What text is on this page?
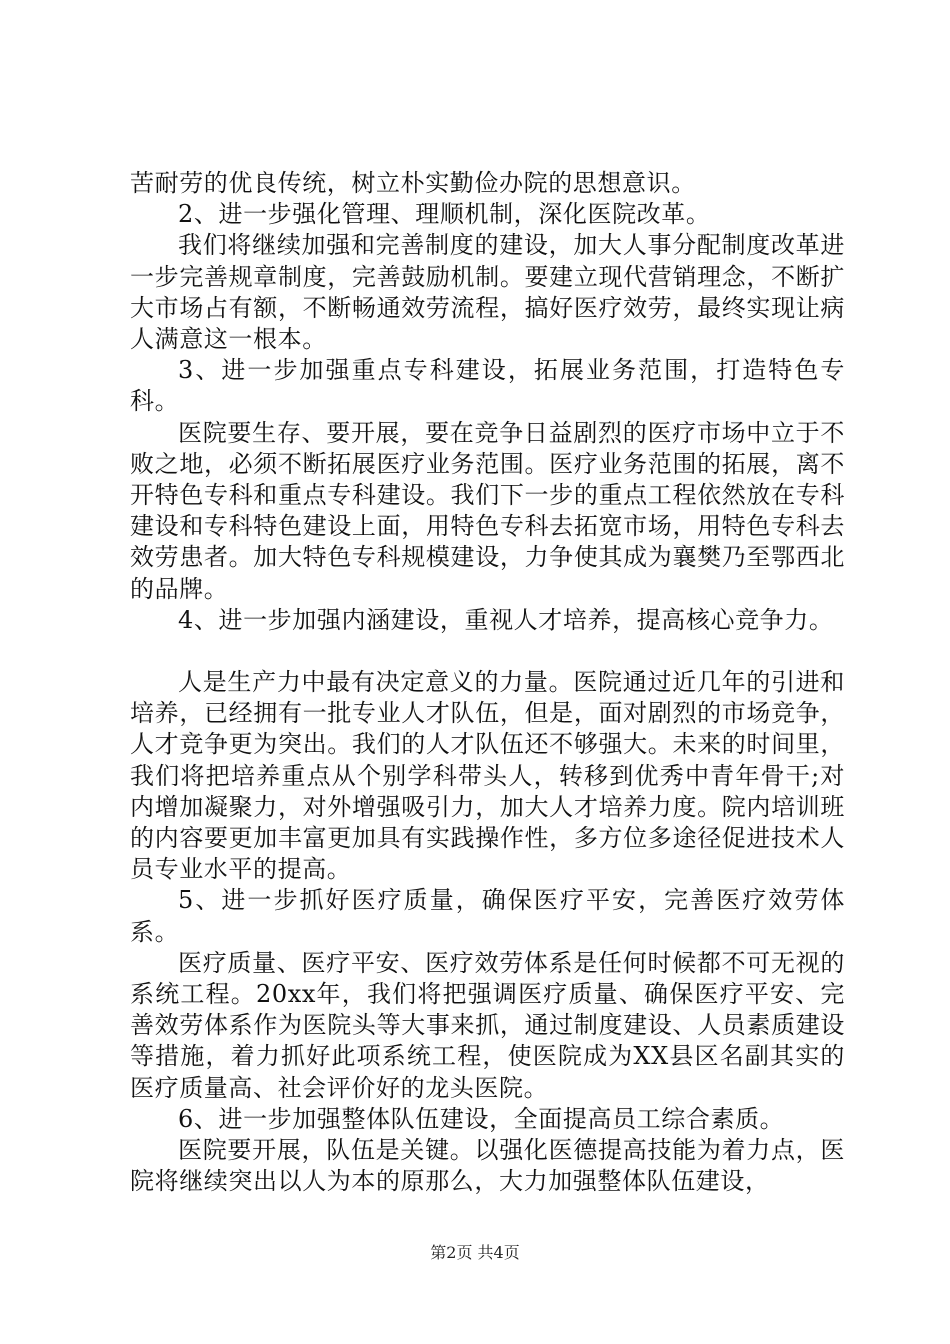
苦耐劳的优良传统，树立朴实勤俭办院的思想意识。

2、进一步强化管理、理顺机制，深化医院改革。

我们将继续加强和完善制度的建设，加大人事分配制度改革进一步完善规章制度，完善鼓励机制。要建立现代营销理念，不断扩大市场占有额，不断畅通效劳流程，搞好医疗效劳，最终实现让病人满意这一根本。

3、进一步加强重点专科建设，拓展业务范围，打造特色专科。

医院要生存、要开展，要在竞争日益剧烈的医疗市场中立于不败之地，必须不断拓展医疗业务范围。医疗业务范围的拓展，离不开特色专科和重点专科建设。我们下一步的重点工程依然放在专科建设和专科特色建设上面，用特色专科去拓宽市场，用特色专科去效劳患者。加大特色专科规模建设，力争使其成为襄樊乃至鄂西北的品牌。

4、进一步加强内涵建设，重视人才培养，提高核心竞争力。

人是生产力中最有决定意义的力量。医院通过近几年的引进和培养，已经拥有一批专业人才队伍，但是，面对剧烈的市场竞争，人才竞争更为突出。我们的人才队伍还不够强大。未来的时间里，我们将把培养重点从个别学科带头人，转移到优秀中青年骨干;对内增加凝聚力，对外增强吸引力，加大人才培养力度。院内培训班的内容要更加丰富更加具有实践操作性，多方位多途径促进技术人员专业水平的提高。

5、进一步抓好医疗质量，确保医疗平安，完善医疗效劳体系。

医疗质量、医疗平安、医疗效劳体系是任何时候都不可无视的系统工程。20xx年，我们将把强调医疗质量、确保医疗平安、完善效劳体系作为医院头等大事来抓，通过制度建设、人员素质建设等措施，着力抓好此项系统工程，使医院成为XX县区名副其实的医疗质量高、社会评价好的龙头医院。

6、进一步加强整体队伍建设，全面提高员工综合素质。

医院要开展，队伍是关键。以强化医德提高技能为着力点，医院将继续突出以人为本的原那么，大力加强整体队伍建设，

第2页 共4页
